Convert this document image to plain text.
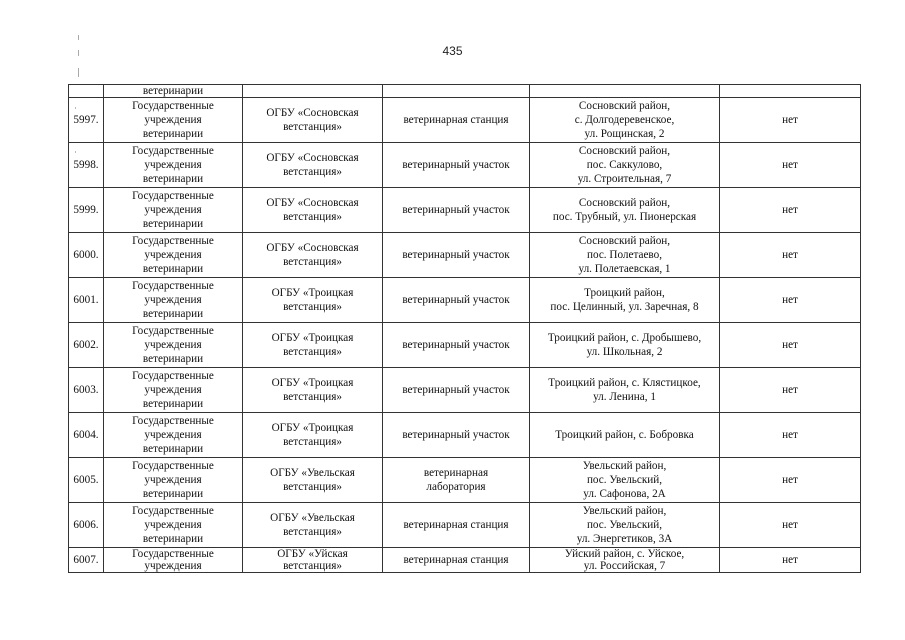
435

	ветеринарии				

5997.	Государственные
учреждения
ветеринарии	ОГБУ «Сосновская
ветстанция»	ветеринарная станция	Сосновский район,
с. Долгодеревенское,
ул. Рощинская, 2	нет
5998.	Государственные
учреждения
ветеринарии	ОГБУ «Сосновская
ветстанция»	ветеринарный участок	Сосновский район,
пос. Саккулово,
ул. Строительная, 7	нет
5999.	Государственные
учреждения
ветеринарии	ОГБУ «Сосновская
ветстанция»	ветеринарный участок	Сосновский район,
пос. Трубный, ул. Пионерская	нет
6000.	Государственные
учреждения
ветеринарии	ОГБУ «Сосновская
ветстанция»	ветеринарный участок	Сосновский район,
пос. Полетаево,
ул. Полетаевская, 1	нет
6001.	Государственные
учреждения
ветеринарии	ОГБУ «Троицкая
ветстанция»	ветеринарный участок	Троицкий район,
пос. Целинный, ул. Заречная, 8	нет
6002.	Государственные
учреждения
ветеринарии	ОГБУ «Троицкая
ветстанция»	ветеринарный участок	Троицкий район, с. Дробышево,
ул. Школьная, 2	нет
6003.	Государственные
учреждения
ветеринарии	ОГБУ «Троицкая
ветстанция»	ветеринарный участок	Троицкий район, с. Клястицкое,
ул. Ленина, 1	нет
6004.	Государственные
учреждения
ветеринарии	ОГБУ «Троицкая
ветстанция»	ветеринарный участок	Троицкий район, с. Бобровка	нет
6005.	Государственные
учреждения
ветеринарии	ОГБУ «Увельская
ветстанция»	ветеринарная
лаборатория	Увельский район,
пос. Увельский,
ул. Сафонова, 2А	нет
6006.	Государственные
учреждения
ветеринарии	ОГБУ «Увельская
ветстанция»	ветеринарная станция	Увельский район,
пос. Увельский,
ул. Энергетиков, 3А	нет
6007.	Государственные
учреждения	ОГБУ «Уйская
ветстанция»	ветеринарная станция	Уйский район, с. Уйское,
ул. Российская, 7	нет
